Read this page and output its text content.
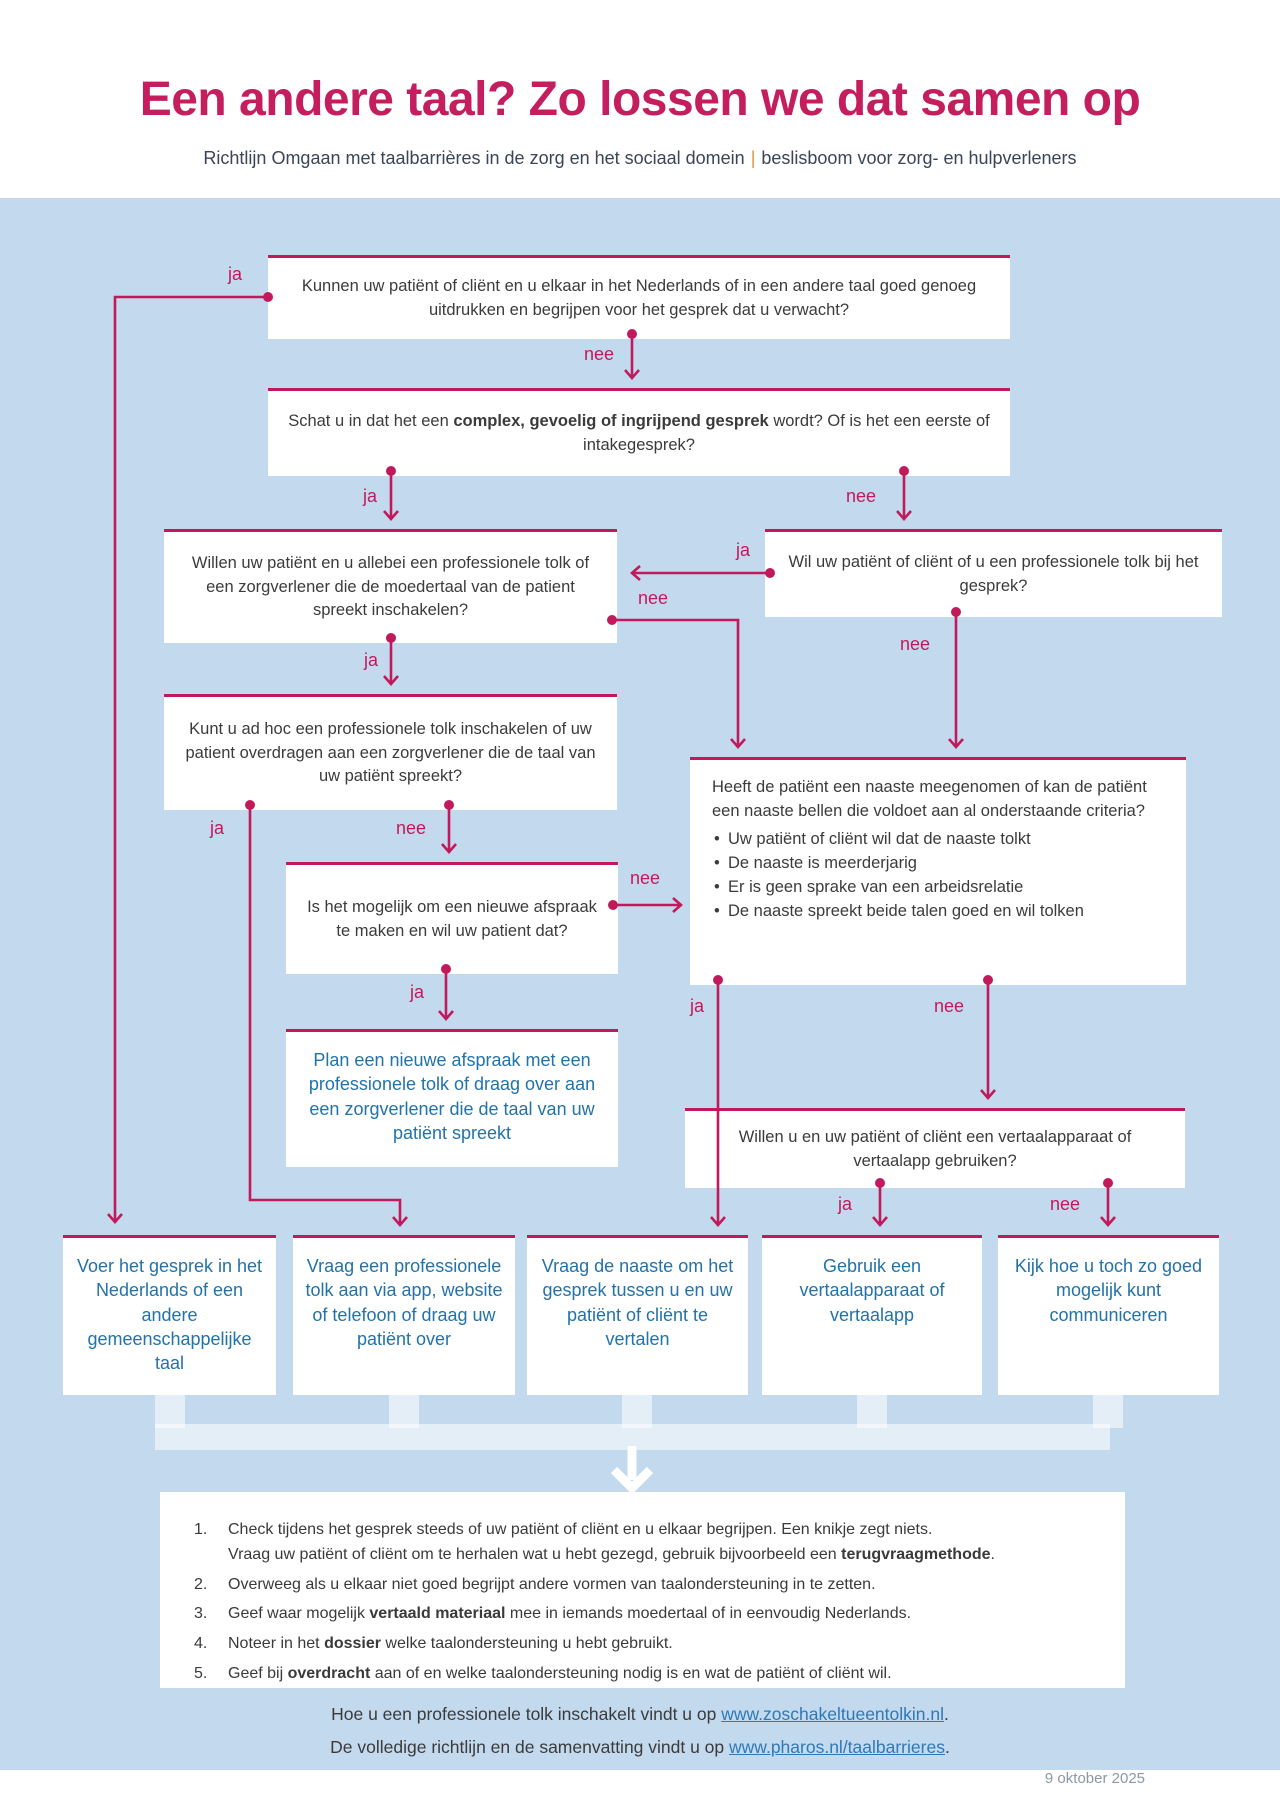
Een andere taal? Zo lossen we dat samen op
Richtlijn Omgaan met taalbarrières in de zorg en het sociaal domein | beslisboom voor zorg- en hulpverleners
Kunnen uw patiënt of cliënt en u elkaar in het Nederlands of in een andere taal goed genoeg uitdrukken en begrijpen voor het gesprek dat u verwacht?
Schat u in dat het een complex, gevoelig of ingrijpend gesprek wordt? Of is het een eerste of intakegesprek?
Willen uw patiënt en u allebei een professionele tolk of een zorgverlener die de moedertaal van de patient spreekt inschakelen?
Wil uw patiënt of cliënt of u een professionele tolk bij het gesprek?
Kunt u ad hoc een professionele tolk inschakelen of uw patient overdragen aan een zorgverlener die de taal van uw patiënt spreekt?
Is het mogelijk om een nieuwe afspraak te maken en wil uw patient dat?
Heeft de patiënt een naaste meegenomen of kan de patiënt een naaste bellen die voldoet aan al onderstaande criteria?
• Uw patiënt of cliënt wil dat de naaste tolkt
• De naaste is meerderjarig
• Er is geen sprake van een arbeidsrelatie
• De naaste spreekt beide talen goed en wil tolken
Willen u en uw patiënt of cliënt een vertaalapparaat of vertaalapp gebruiken?
Plan een nieuwe afspraak met een professionele tolk of draag over aan een zorgverlener die de taal van uw patiënt spreekt
Voer het gesprek in het Nederlands of een andere gemeenschappelijke taal
Vraag een professionele tolk aan via app, website of telefoon of draag uw patiënt over
Vraag de naaste om het gesprek tussen u en uw patiënt of cliënt te vertalen
Gebruik een vertaalapparaat of vertaalapp
Kijk hoe u toch zo goed mogelijk kunt communiceren
ja
nee
ja	nee
ja
nee
nee
ja
ja	nee
nee
ja
ja	nee
ja	nee
1.	Check tijdens het gesprek steeds of uw patiënt of cliënt en u elkaar begrijpen. Een knikje zegt niets.
Vraag uw patiënt of cliënt om te herhalen wat u hebt gezegd, gebruik bijvoorbeeld een terugvraagmethode.
2.	Overweeg als u elkaar niet goed begrijpt andere vormen van taalondersteuning in te zetten.
3.	Geef waar mogelijk vertaald materiaal mee in iemands moedertaal of in eenvoudig Nederlands.
4.	Noteer in het dossier welke taalondersteuning u hebt gebruikt.
5.	Geef bij overdracht aan of en welke taalondersteuning nodig is en wat de patiënt of cliënt wil.
Hoe u een professionele tolk inschakelt vindt u op www.zoschakeltueentolkin.nl.
De volledige richtlijn en de samenvatting vindt u op www.pharos.nl/taalbarrieres.
9 oktober 2025
